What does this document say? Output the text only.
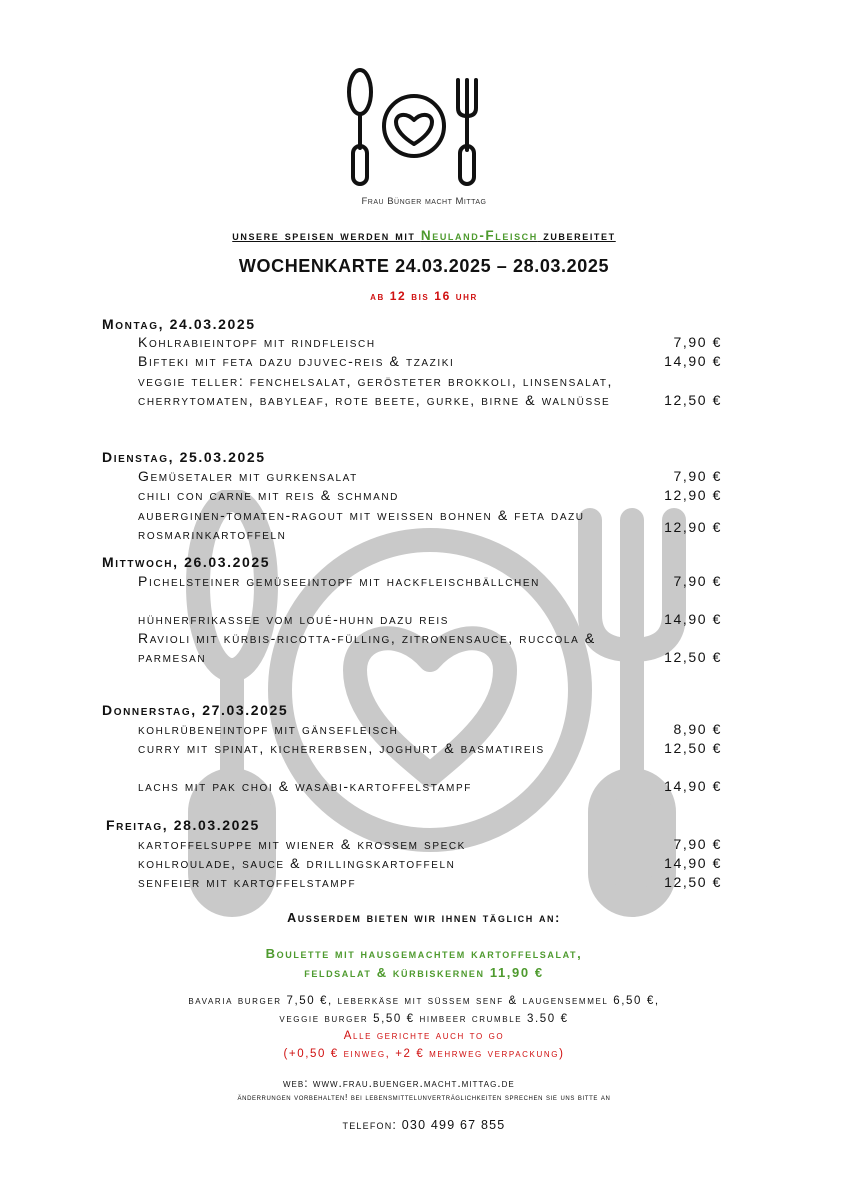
Frau Bünger macht Mittag
unsere speisen werden mit Neuland-Fleisch zubereitet
WOCHENKARTE 24.03.2025 – 28.03.2025
ab 12 bis 16 uhr
Montag, 24.03.2025
Kohlrabieintopf mit rindfleisch	7,90 €
Bifteki mit feta dazu djuvec-reis & tzaziki	14,90 €
veggie teller: fenchelsalat, gerösteter brokkoli, linsensalat, cherrytomaten, babyleaf, rote beete, gurke, birne & walnüsse	12,50 €
Dienstag, 25.03.2025
Gemüsetaler mit gurkensalat	7,90 €
chili con carne mit reis & schmand	12,90 €
auberginen-tomaten-ragout mit weissen bohnen & feta dazu rosmarinkartoffeln	12,90 €
Mittwoch, 26.03.2025
Pichelsteiner gemüseeintopf mit hackfleischbällchen	7,90 €
hühnerfrikassee vom loué-huhn dazu reis	14,90 €
Ravioli mit kürbis-ricotta-fülling, zitronensauce, ruccola & parmesan	12,50 €
Donnerstag, 27.03.2025
kohlrübeneintopf mit gänsefleisch	8,90 €
curry mit spinat, kichererbsen, joghurt & basmatireis	12,50 €
lachs mit pak choi & wasabi-kartoffelstampf	14,90 €
Freitag, 28.03.2025
kartoffelsuppe mit wiener & krossem speck	7,90 €
kohlroulade, sauce & drillingskartoffeln	14,90 €
senfeier mit kartoffelstampf	12,50 €
Ausserdem bieten wir ihnen täglich an:
Boulette mit hausgemachtem kartoffelsalat,
feldsalat & kürbiskernen 11,90 €
bavaria burger 7,50 €, leberkäse mit süssem senf & laugensemmel 6,50 €,
veggie burger 5,50 € himbeer crumble 3.50 €
Alle gerichte auch to go
(+0,50 € einweg, +2 € mehrweg verpackung)
web: www.frau.buenger.macht.mittag.de
änderrungen vorbehalten! bei lebensmittelunverträglichkeiten sprechen sie uns bitte an
telefon: 030 499 67 855
